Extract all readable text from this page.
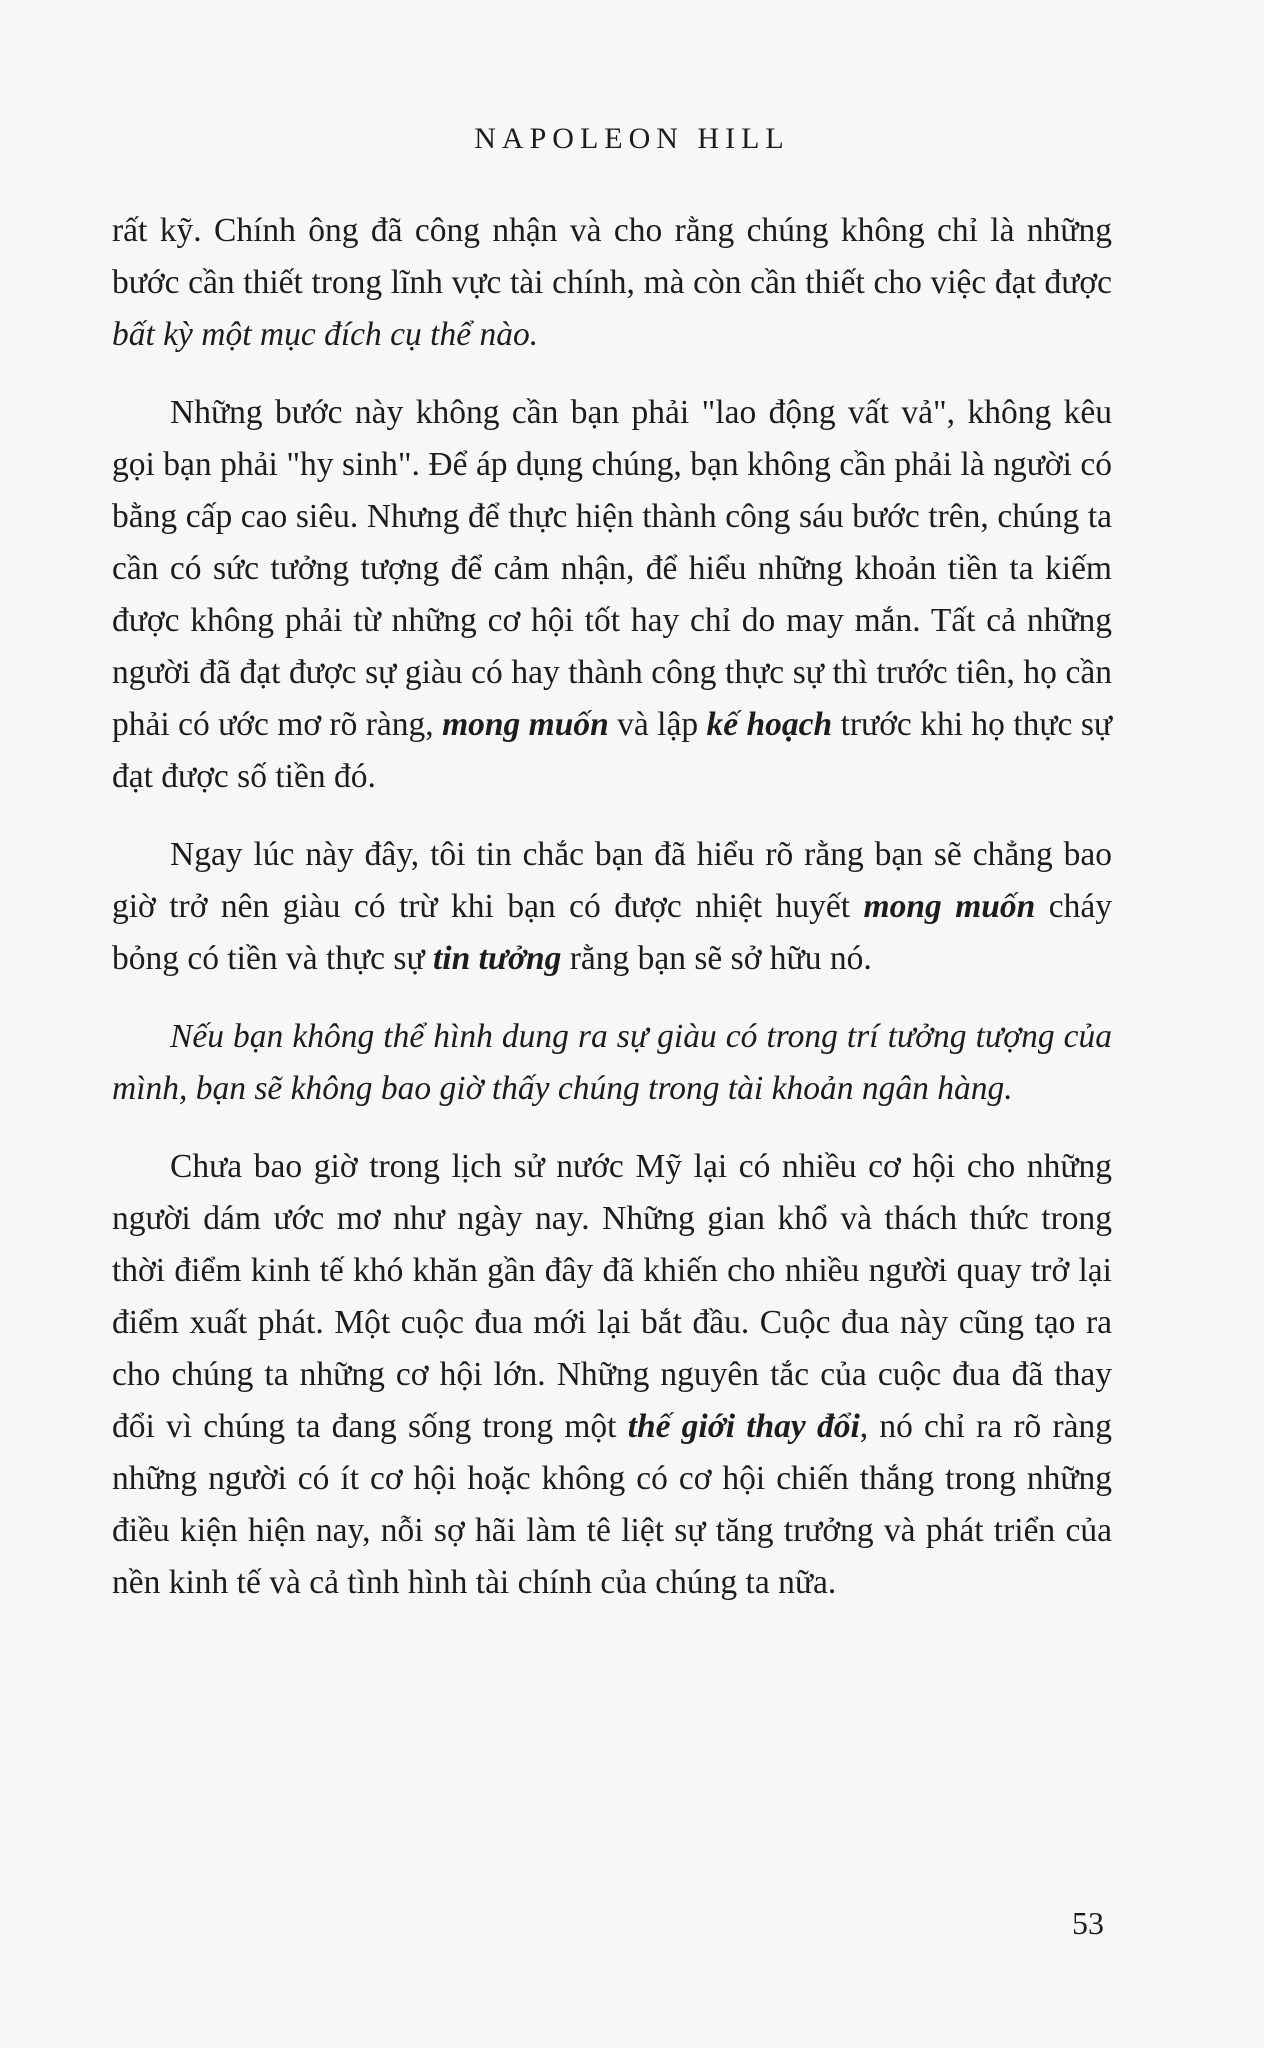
NAPOLEON HILL

rất kỹ. Chính ông đã công nhận và cho rằng chúng không chỉ là những bước cần thiết trong lĩnh vực tài chính, mà còn cần thiết cho việc đạt được bất kỳ một mục đích cụ thể nào.

Những bước này không cần bạn phải "lao động vất vả", không kêu gọi bạn phải "hy sinh". Để áp dụng chúng, bạn không cần phải là người có bằng cấp cao siêu. Nhưng để thực hiện thành công sáu bước trên, chúng ta cần có sức tưởng tượng để cảm nhận, để hiểu những khoản tiền ta kiếm được không phải từ những cơ hội tốt hay chỉ do may mắn. Tất cả những người đã đạt được sự giàu có hay thành công thực sự thì trước tiên, họ cần phải có ước mơ rõ ràng, mong muốn và lập kế hoạch trước khi họ thực sự đạt được số tiền đó.

Ngay lúc này đây, tôi tin chắc bạn đã hiểu rõ rằng bạn sẽ chẳng bao giờ trở nên giàu có trừ khi bạn có được nhiệt huyết mong muốn cháy bỏng có tiền và thực sự tin tưởng rằng bạn sẽ sở hữu nó.

Nếu bạn không thể hình dung ra sự giàu có trong trí tưởng tượng của mình, bạn sẽ không bao giờ thấy chúng trong tài khoản ngân hàng.

Chưa bao giờ trong lịch sử nước Mỹ lại có nhiều cơ hội cho những người dám ước mơ như ngày nay. Những gian khổ và thách thức trong thời điểm kinh tế khó khăn gần đây đã khiến cho nhiều người quay trở lại điểm xuất phát. Một cuộc đua mới lại bắt đầu. Cuộc đua này cũng tạo ra cho chúng ta những cơ hội lớn. Những nguyên tắc của cuộc đua đã thay đổi vì chúng ta đang sống trong một thế giới thay đổi, nó chỉ ra rõ ràng những người có ít cơ hội hoặc không có cơ hội chiến thắng trong những điều kiện hiện nay, nỗi sợ hãi làm tê liệt sự tăng trưởng và phát triển của nền kinh tế và cả tình hình tài chính của chúng ta nữa.

53
